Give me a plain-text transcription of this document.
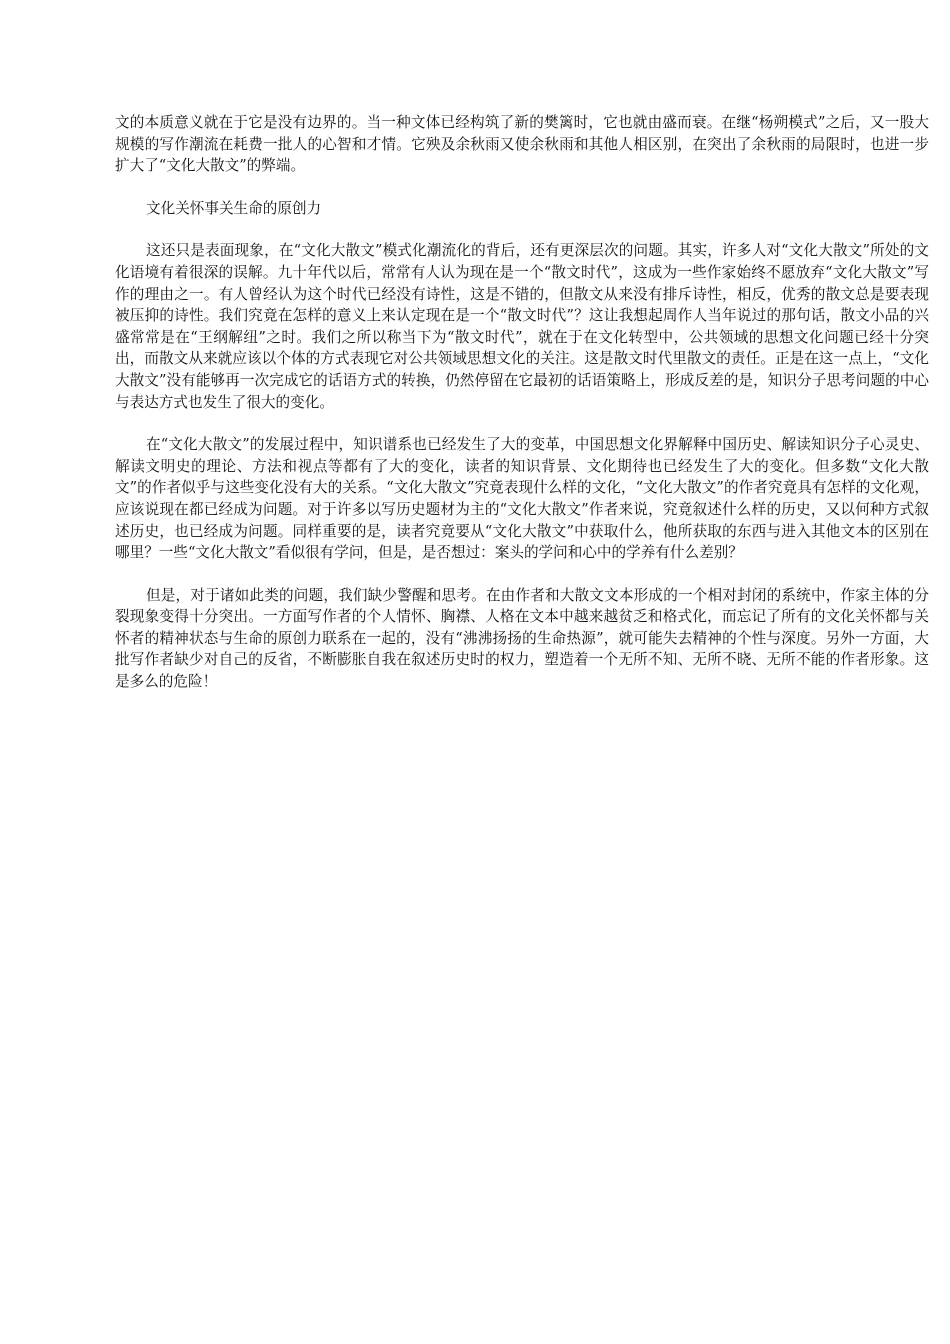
文的本质意义就在于它是没有边界的。当一种文体已经构筑了新的樊篱时，它也就由盛而衰。在继“杨朔模式”之后，又一股大规模的写作潮流在耗费一批人的心智和才情。它殃及余秋雨又使余秋雨和其他人相区别，在突出了余秋雨的局限时，也进一步扩大了“文化大散文”的弊端。

文化关怀事关生命的原创力

这还只是表面现象，在“文化大散文”模式化潮流化的背后，还有更深层次的问题。其实，许多人对“文化大散文”所处的文化语境有着很深的误解。九十年代以后，常常有人认为现在是一个“散文时代”，这成为一些作家始终不愿放弃“文化大散文”写作的理由之一。有人曾经认为这个时代已经没有诗性，这是不错的，但散文从来没有排斥诗性，相反，优秀的散文总是要表现被压抑的诗性。我们究竟在怎样的意义上来认定现在是一个“散文时代”？这让我想起周作人当年说过的那句话，散文小品的兴盛常常是在“王纲解纽”之时。我们之所以称当下为“散文时代”，就在于在文化转型中，公共领域的思想文化问题已经十分突出，而散文从来就应该以个体的方式表现它对公共领域思想文化的关注。这是散文时代里散文的责任。正是在这一点上，“文化大散文”没有能够再一次完成它的话语方式的转换，仍然停留在它最初的话语策略上，形成反差的是，知识分子思考问题的中心与表达方式也发生了很大的变化。

在“文化大散文”的发展过程中，知识谱系也已经发生了大的变革，中国思想文化界解释中国历史、解读知识分子心灵史、解读文明史的理论、方法和视点等都有了大的变化，读者的知识背景、文化期待也已经发生了大的变化。但多数“文化大散文”的作者似乎与这些变化没有大的关系。“文化大散文”究竟表现什么样的文化，“文化大散文”的作者究竟具有怎样的文化观，应该说现在都已经成为问题。对于许多以写历史题材为主的“文化大散文”作者来说，究竟叙述什么样的历史，又以何种方式叙述历史，也已经成为问题。同样重要的是，读者究竟要从“文化大散文”中获取什么，他所获取的东西与进入其他文本的区别在哪里？一些“文化大散文”看似很有学问，但是，是否想过：案头的学问和心中的学养有什么差别？

但是，对于诸如此类的问题，我们缺少警醒和思考。在由作者和大散文文本形成的一个相对封闭的系统中，作家主体的分裂现象变得十分突出。一方面写作者的个人情怀、胸襟、人格在文本中越来越贫乏和格式化，而忘记了所有的文化关怀都与关怀者的精神状态与生命的原创力联系在一起的，没有“沸沸扬扬的生命热源”，就可能失去精神的个性与深度。另外一方面，大批写作者缺少对自己的反省，不断膨胀自我在叙述历史时的权力，塑造着一个无所不知、无所不晓、无所不能的作者形象。这是多么的危险！
